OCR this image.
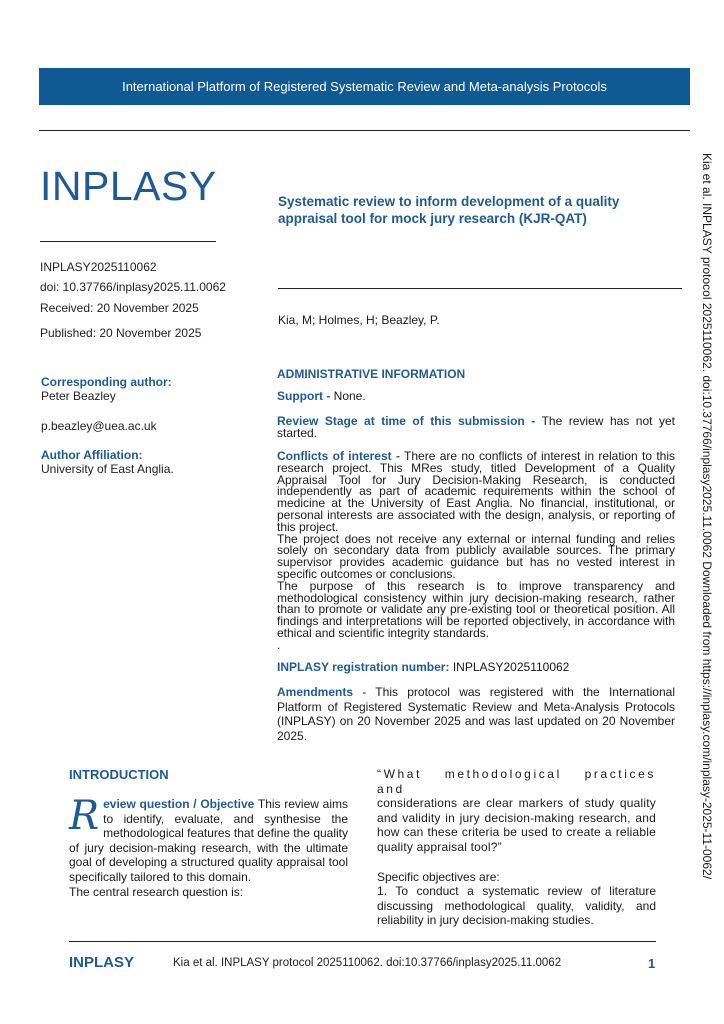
International Platform of Registered Systematic Review and Meta-analysis Protocols
INPLASY
INPLASY2025110062
doi: 10.37766/inplasy2025.11.0062
Received: 20 November 2025
Published: 20 November 2025
Corresponding author:
Peter Beazley
p.beazley@uea.ac.uk
Author Affiliation:
University of East Anglia.
Systematic review to inform development of a quality appraisal tool for mock jury research (KJR-QAT)
Kia, M; Holmes, H; Beazley, P.
ADMINISTRATIVE INFORMATION
Support - None.
Review Stage at time of this submission - The review has not yet started.
Conflicts of interest - There are no conflicts of interest in relation to this research project. This MRes study, titled Development of a Quality Appraisal Tool for Jury Decision-Making Research, is conducted independently as part of academic requirements within the school of medicine at the University of East Anglia. No financial, institutional, or personal interests are associated with the design, analysis, or reporting of this project.
The project does not receive any external or internal funding and relies solely on secondary data from publicly available sources. The primary supervisor provides academic guidance but has no vested interest in specific outcomes or conclusions.
The purpose of this research is to improve transparency and methodological consistency within jury decision-making research, rather than to promote or validate any pre-existing tool or theoretical position. All findings and interpretations will be reported objectively, in accordance with ethical and scientific integrity standards.
.
INPLASY registration number: INPLASY2025110062
Amendments - This protocol was registered with the International Platform of Registered Systematic Review and Meta-Analysis Protocols (INPLASY) on 20 November 2025 and was last updated on 20 November 2025.
INTRODUCTION
Review question / Objective This review aims to identify, evaluate, and synthesise the methodological features that define the quality of jury decision-making research, with the ultimate goal of developing a structured quality appraisal tool specifically tailored to this domain.
The central research question is:
“What methodological practices and
considerations are clear markers of study quality and validity in jury decision-making research, and how can these criteria be used to create a reliable quality appraisal tool?”
Specific objectives are:
1. To conduct a systematic review of literature discussing methodological quality, validity, and reliability in jury decision-making studies.
INPLASY	Kia et al. INPLASY protocol 2025110062. doi:10.37766/inplasy2025.11.0062	1
Kia et al. INPLASY protocol 2025110062. doi:10.37766/inplasy2025.11.0062 Downloaded from https://inplasy.com/inplasy-2025-11-0062/
